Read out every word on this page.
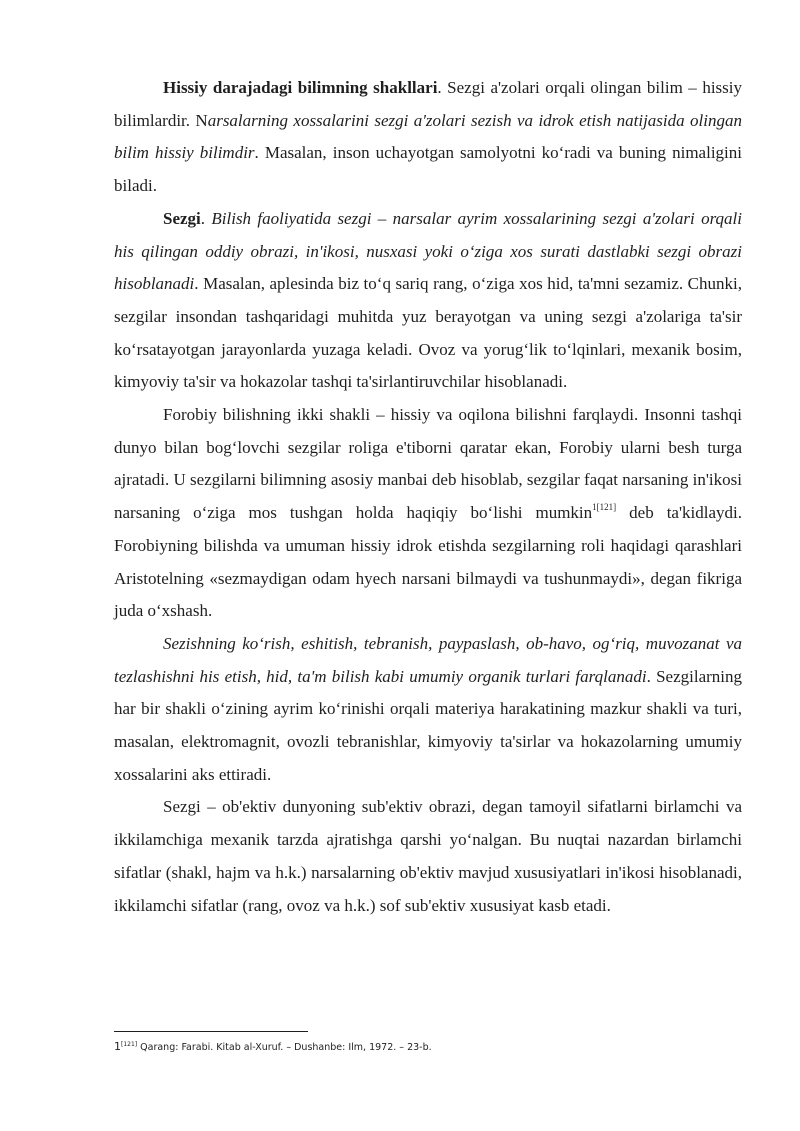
Hissiy darajadagi bilimning shakllari. Sezgi a'zolari orqali olingan bilim – hissiy bilimlardir. Narsalarning xossalarini sezgi a'zolari sezish va idrok etish natijasida olingan bilim hissiy bilimdir. Masalan, inson uchayotgan samolyotni ko‘radi va buning nimaligini biladi.

Sezgi. Bilish faoliyatida sezgi – narsalar ayrim xossalarining sezgi a'zolari orqali his qilingan oddiy obrazi, in'ikosi, nusxasi yoki o‘ziga xos surati dastlabki sezgi obrazi hisoblanadi. Masalan, aplesinda biz to‘q sariq rang, o‘ziga xos hid, ta'mni sezamiz. Chunki, sezgilar insondan tashqaridagi muhitda yuz berayotgan va uning sezgi a'zolariga ta'sir ko‘rsatayotgan jarayonlarda yuzaga keladi. Ovoz va yorug‘lik to‘lqinlari, mexanik bosim, kimyoviy ta'sir va hokazolar tashqi ta'sirlantiruvchilar hisoblanadi.

Forobiy bilishning ikki shakli – hissiy va oqilona bilishni farqlaydi. Insonni tashqi dunyo bilan bog‘lovchi sezgilar roliga e'tiborni qaratar ekan, Forobiy ularni besh turga ajratadi. U sezgilarni bilimning asosiy manbai deb hisoblab, sezgilar faqat narsaning in'ikosi narsaning o‘ziga mos tushgan holda haqiqiy bo‘lishi mumkin$^{1[121]}$ deb ta'kidlaydi. Forobiyning bilishda va umuman hissiy idrok etishda sezgilarning roli haqidagi qarashlari Aristotelning «sezmaydigan odam hyech narsani bilmaydi va tushunmaydi», degan fikriga juda o‘xshash.

Sezishning ko‘rish, eshitish, tebranish, paypaslash, ob-havo, og‘riq, muvozanat va tezlashishni his etish, hid, ta'm bilish kabi umumiy organik turlari farqlanadi. Sezgilarning har bir shakli o‘zining ayrim ko‘rinishi orqali materiya harakatining mazkur shakli va turi, masalan, elektromagnit, ovozli tebranishlar, kimyoviy ta'sirlar va hokazolarning umumiy xossalarini aks ettiradi.

Sezgi – ob'ektiv dunyoning sub'ektiv obrazi, degan tamoyil sifatlarni birlamchi va ikkilamchiga mexanik tarzda ajratishga qarshi yo‘nalgan. Bu nuqtai nazardan birlamchi sifatlar (shakl, hajm va h.k.) narsalarning ob'ektiv mavjud xususiyatlari in'ikosi hisoblanadi, ikkilamchi sifatlar (rang, ovoz va h.k.) sof sub'ektiv xususiyat kasb etadi.

1[121] Qarang: Farabi. Kitab al-Xuruf. – Dushanbe: Ilm, 1972. – 23-b.
